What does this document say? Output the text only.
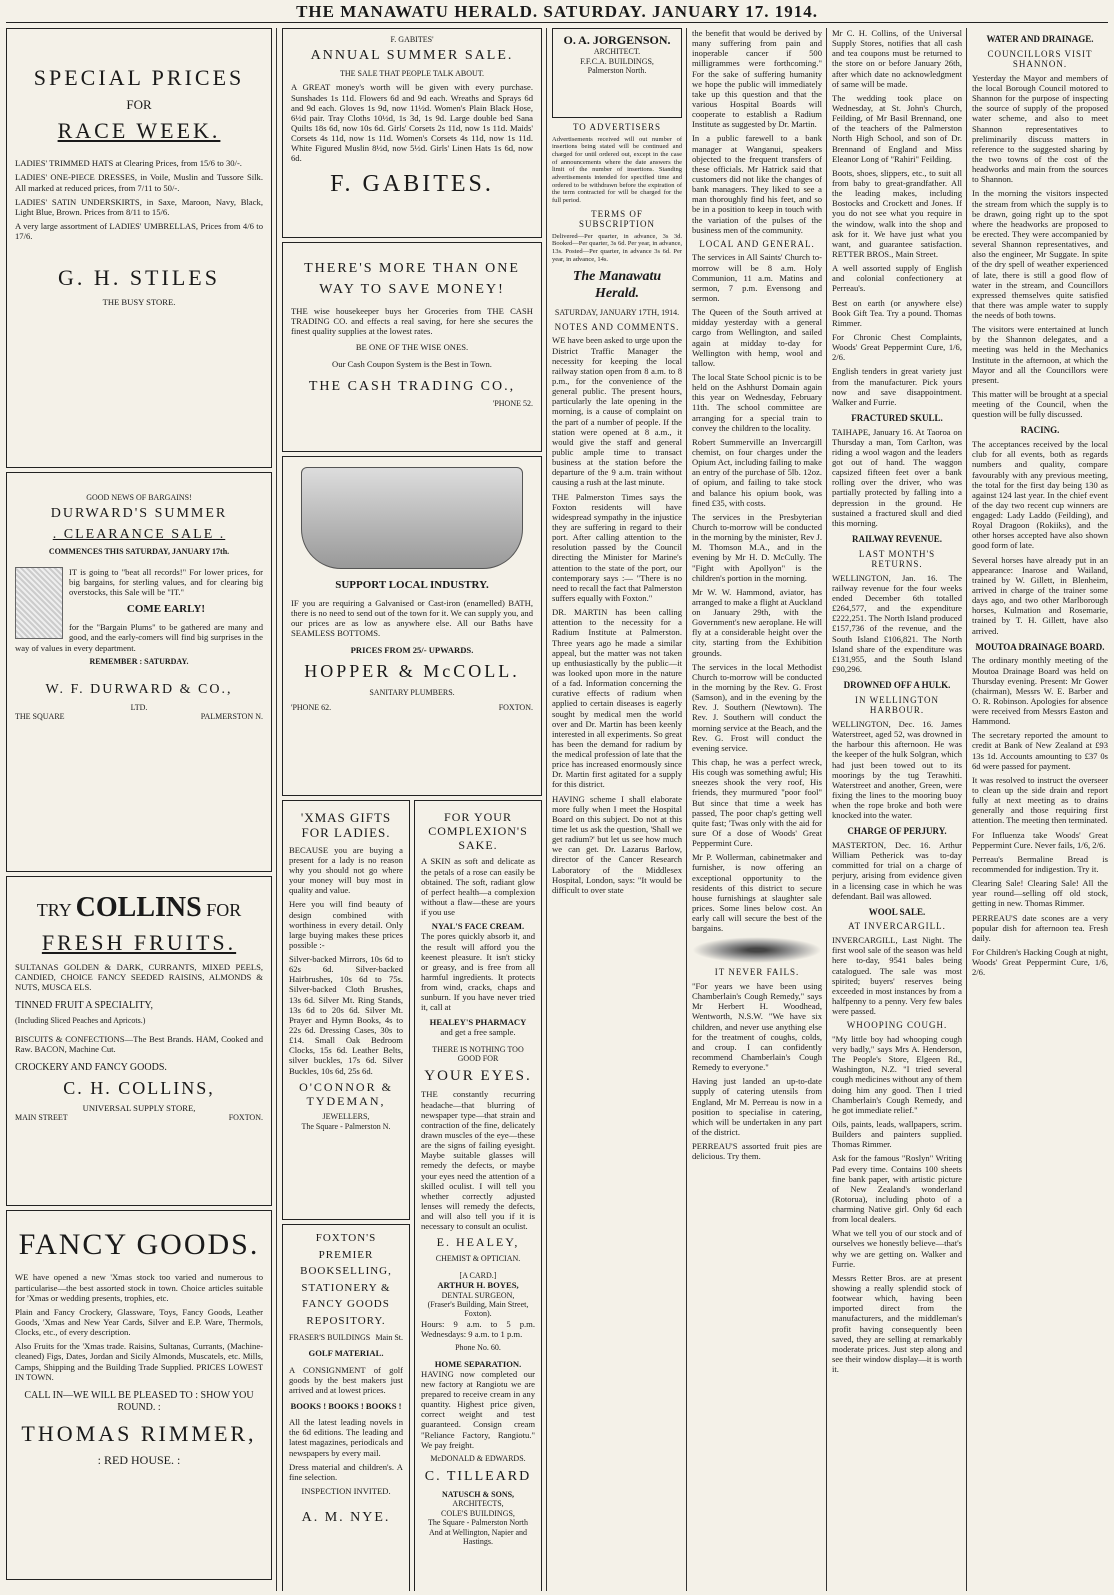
THE MANAWATU HERALD. SATURDAY. JANUARY 17. 1914.
SPECIAL PRICES
FOR
RACE WEEK.

LADIES' TRIMMED HATS at Clearing Prices, from 15/6 to 30/-.

LADIES' ONE-PIECE DRESSES, in Voile, Muslin and Tussore Silk. All marked at reduced prices, from 7/11 to 50/-.

LADIES' SATIN UNDERSKIRTS, in Saxe, Maroon, Navy, Black, Light Blue, Brown. Prices from 8/11 to 15/6.

A very large assortment of LADIES' UMBRELLAS, Prices from 4/6 to 17/6.

G. H. STILES
THE BUSY STORE.
GOOD NEWS OF BARGAINS!
DURWARD'S SUMMER
. CLEARANCE SALE .
COMMENCES THIS SATURDAY, JANUARY 17th.

IT is going to "beat all records!" For lower prices, for big bargains, for sterling values, and for clearing big overstocks, this Sale will be "IT."

COME EARLY!

for the "Bargain Plums" to be gathered are many and good, and the early-comers will find big surprises in the way of values in every department.

REMEMBER : SATURDAY.
W. F. DURWARD & CO.,
LTD.
THE SQUARE	PALMERSTON N.
TRY COLLINS FOR
FRESH FRUITS.

SULTANAS GOLDEN & DARK, CURRANTS, MIXED PEELS, CANDIED, CHOICE FANCY SEEDED RAISINS, ALMONDS & NUTS, MUSCA ELS.

TINNED FRUIT A SPECIALITY,

(Including Sliced Peaches and Apricots.)

BISCUITS & CONFECTIONS—The Best Brands. HAM, Cooked and Raw. BACON, Machine Cut.

CROCKERY AND FANCY GOODS.

C. H. COLLINS,
UNIVERSAL SUPPLY STORE,
MAIN STREET	FOXTON.
FANCY GOODS.

WE have opened a new 'Xmas stock too varied and numerous to particularise—the best assorted stock in town. Choice articles suitable for 'Xmas or wedding presents, trophies, etc.

Plain and Fancy Crockery, Glassware, Toys, Fancy Goods, Leather Goods, 'Xmas and New Year Cards, Silver and E.P. Ware, Thermols, Clocks, etc., of every description.

Also Fruits for the 'Xmas trade. Raisins, Sultanas, Currants, (Machine-cleaned) Figs, Dates, Jordan and Sicily Almonds, Muscatels, etc. Mills, Camps, Shipping and the Building Trade Supplied. PRICES LOWEST IN TOWN.

CALL IN—WE WILL BE PLEASED TO : SHOW YOU ROUND. :
THOMAS RIMMER,
: RED HOUSE. :
F. GABITES'
ANNUAL SUMMER SALE.
THE SALE THAT PEOPLE TALK ABOUT.

A GREAT money's worth will be given with every purchase. Sunshades 1s 11d. Flowers 6d and 9d each. Wreaths and Sprays 6d and 9d each. Gloves 1s 9d, now 11½d. Women's Plain Black Hose, 6½d pair. Tray Cloths 10½d, 1s 3d, 1s 9d. Large double bed Sana Quilts 18s 6d, now 10s 6d. Girls' Corsets 2s 11d, now 1s 11d. Maids' Corsets 4s 11d, now 1s 11d. Women's Corsets 4s 11d, now 1s 11d. White Figured Muslin 8½d, now 5½d. Girls' Linen Hats 1s 6d, now 6d.

F. GABITES.
THERE'S MORE THAN ONE
WAY TO SAVE MONEY!

THE wise housekeeper buys her Groceries from THE CASH TRADING CO. and effects a real saving, for here she secures the finest quality supplies at the lowest rates.

BE ONE OF THE WISE ONES.
Our Cash Coupon System is the Best in Town.
THE CASH TRADING CO.,
'PHONE 52.
SUPPORT LOCAL INDUSTRY.

IF you are requiring a Galvanised or Cast-iron (enamelled) BATH, there is no need to send out of the town for it. We can supply you, and our prices are as low as anywhere else. All our Baths have SEAMLESS BOTTOMS.

PRICES FROM 25/- UPWARDS.
HOPPER & McCOLL.
SANITARY PLUMBERS.
'PHONE 62.	FOXTON.
'XMAS GIFTS FOR LADIES.

BECAUSE you are buying a present for a lady is no reason why you should not go where your money will buy most in quality and value.

Here you will find beauty of design combined with worthiness in every detail. Only large buying makes these prices possible :-

Silver-backed Mirrors, 10s 6d to 62s 6d. Silver-backed Hairbrushes, 10s 6d to 75s. Silver-backed Cloth Brushes, 13s 6d. Silver Mt. Ring Stands, 13s 6d to 20s 6d. Silver Mt. Prayer and Hymn Books, 4s to 22s 6d. Dressing Cases, 30s to £14. Small Oak Bedroom Clocks, 15s 6d. Leather Belts, silver buckles, 17s 6d. Silver Buckles, 10s 6d, 25s 6d.

O'CONNOR & TYDEMAN,
JEWELLERS,
The Square - Palmerston N.
FOXTON'S PREMIER BOOKSELLING, STATIONERY & FANCY GOODS REPOSITORY.
FRASER'S BUILDINGS Main St.
GOLF MATERIAL.

A CONSIGNMENT of golf goods by the best makers just arrived and at lowest prices.

BOOKS ! BOOKS ! BOOKS !

All the latest leading novels in the 6d editions. The leading and latest magazines, periodicals and newspapers by every mail.

Dress material and children's. A fine selection.

INSPECTION INVITED.
A. M. NYE.
FOR YOUR COMPLEXION'S SAKE.

A SKIN as soft and delicate as the petals of a rose can easily be obtained. The soft, radiant glow of perfect health—a complexion without a flaw—these are yours if you use

NYAL'S FACE CREAM.

The pores quickly absorb it, and the result will afford you the keenest pleasure. It isn't sticky or greasy, and is free from all harmful ingredients. It protects from wind, cracks, chaps and sunburn. If you have never tried it, call at

HEALEY'S PHARMACY
and get a free sample.
THERE IS NOTHING TOO GOOD FOR
YOUR EYES.

THE constantly recurring headache—that blurring of newspaper type—that strain and contraction of the fine, delicately drawn muscles of the eye—these are the signs of failing eyesight. Maybe suitable glasses will remedy the defects, or maybe your eyes need the attention of a skilled oculist. I will tell you whether correctly adjusted lenses will remedy the defects, and will also tell you if it is necessary to consult an oculist.

E. HEALEY,
CHEMIST & OPTICIAN.
[A CARD.]
ARTHUR H. BOYES,
DENTAL SURGEON,
(Fraser's Building, Main Street, Foxton).

Hours: 9 a.m. to 5 p.m. Wednesdays: 9 a.m. to 1 p.m.

Phone No. 60.
HOME SEPARATION.

HAVING now completed our new factory at Rangiotu we are prepared to receive cream in any quantity. Highest price given, correct weight and test guaranteed. Consign cream "Reliance Factory, Rangiotu." We pay freight.

McDONALD & EDWARDS.
C. TILLEARD
NATUSCH & SONS,
ARCHITECTS,
COLE'S BUILDINGS,
The Square - Palmerston North
And at Wellington, Napier and Hastings.
O. A. JORGENSON.
ARCHITECT.
F.F.C.A. BUILDINGS,
Palmerston North.
TO ADVERTISERS

Advertisements received will out number of insertions being stated will be continued and charged for until ordered out, except in the case of announcements where the date answers the limit of the number of insertions. Standing advertisements intended for specified time and ordered to be withdrawn before the expiration of the term contracted for will be charged for the full period.

TERMS OF SUBSCRIPTION

Delivered—Per quarter, in advance, 3s 3d. Booked—Per quarter, 3s 6d. Per year, in advance, 13s. Posted—Per quarter, in advance 3s 6d. Per year, in advance, 14s.

The Manawatu Herald.
SATURDAY, JANUARY 17TH, 1914.
NOTES AND COMMENTS.

WE have been asked to urge upon the District Traffic Manager the necessity for keeping the local railway station open from 8 a.m. to 8 p.m., for the convenience of the general public. The present hours, particularly the late opening in the morning, is a cause of complaint on the part of a number of people. If the station were opened at 8 a.m., it would give the staff and general public ample time to transact business at the station before the departure of the 9 a.m. train without causing a rush at the last minute.

THE Palmerston Times says the Foxton residents will have widespread sympathy in the injustice they are suffering in regard to their port. After calling attention to the resolution passed by the Council directing the Minister for Marine's attention to the state of the port, our contemporary says :— "There is no need to recall the fact that Palmerston suffers equally with Foxton."

DR. MARTIN has been calling attention to the necessity for a Radium Institute at Palmerston. Three years ago he made a similar appeal, but the matter was not taken up enthusiastically by the public—it was looked upon more in the nature of a fad. Information concerning the curative effects of radium when applied to certain diseases is eagerly sought by medical men the world over and Dr. Martin has been keenly interested in all experiments. So great has been the demand for radium by the medical profession of late that the price has increased enormously since Dr. Martin first agitated for a supply for this district.

HAVING scheme I shall elaborate more fully when I meet the Hospital Board on this subject. Do not at this time let us ask the question, 'Shall we get radium?' but let us see how much we can get. Dr. Lazarus Barlow, director of the Cancer Research Laboratory of the Middlesex Hospital, London, says: "It would be difficult to over state

the benefit that would be derived by many suffering from pain and inoperable cancer if 500 milligrammes were forthcoming." For the sake of suffering humanity we hope the public will immediately take up this question and that the various Hospital Boards will cooperate to establish a Radium Institute as suggested by Dr. Martin.

In a public farewell to a bank manager at Wanganui, speakers objected to the frequent transfers of these officials. Mr Hatrick said that customers did not like the changes of bank managers. They liked to see a man thoroughly find his feet, and so be in a position to keep in touch with the variation of the pulses of the business men of the community.

LOCAL AND GENERAL.

The services in All Saints' Church to-morrow will be 8 a.m. Holy Communion, 11 a.m. Matins and sermon, 7 p.m. Evensong and sermon.

The Queen of the South arrived at midday yesterday with a general cargo from Wellington, and sailed again at midday to-day for Wellington with hemp, wool and tallow.

The local State School picnic is to be held on the Ashhurst Domain again this year on Wednesday, February 11th. The school committee are arranging for a special train to convey the children to the locality.

Robert Summerville an Invercargill chemist, on four charges under the Opium Act, including failing to make an entry of the purchase of 5lb. 12oz. of opium, and failing to take stock and balance his opium book, was fined £35, with costs.

The services in the Presbyterian Church to-morrow will be conducted in the morning by the minister, Rev J. M. Thomson M.A., and in the evening by Mr H. D. McCully. The "Fight with Apollyon" is the children's portion in the morning.

Mr W. W. Hammond, aviator, has arranged to make a flight at Auckland on January 29th, with the Government's new aeroplane. He will fly at a considerable height over the city, starting from the Exhibition grounds.

The services in the local Methodist Church to-morrow will be conducted in the morning by the Rev. G. Frost (Samson), and in the evening by the Rev. J. Southern (Newtown). The Rev. J. Southern will conduct the morning service at the Beach, and the Rev. G. Frost will conduct the evening service.

This chap, he was a perfect wreck, His cough was something awful; His sneezes shook the very roof, His friends, they murmured "poor fool" But since that time a week has passed, The poor chap's getting well quite fast; 'Twas only with the aid for sure Of a dose of Woods' Great Peppermint Cure.

Mr P. Wollerman, cabinetmaker and furnisher, is now offering an exceptional opportunity to the residents of this district to secure house furnishings at slaughter sale prices. Some lines below cost. An early call will secure the best of the bargains.

IT NEVER FAILS.

"For years we have been using Chamberlain's Cough Remedy," says Mr Herbert H. Woodhead, Wentworth, N.S.W. "We have six children, and never use anything else for the treatment of coughs, colds, and croup. I can confidently recommend Chamberlain's Cough Remedy to everyone."

Having just landed an up-to-date supply of catering utensils from England, Mr M. Perreau is now in a position to specialise in catering, which will be undertaken in any part of the district.

PERREAU'S assorted fruit pies are delicious. Try them.

Mr C. H. Collins, of the Universal Supply Stores, notifies that all cash and tea coupons must be returned to the store on or before January 26th, after which date no acknowledgment of same will be made.

The wedding took place on Wednesday, at St. John's Church, Feilding, of Mr Basil Brennand, one of the teachers of the Palmerston North High School, and son of Dr. Brennand of England and Miss Eleanor Long of "Rahiri" Feilding.

Boots, shoes, slippers, etc., to suit all from baby to great-grandfather. All the leading makes, including Bostocks and Crockett and Jones. If you do not see what you require in the window, walk into the shop and ask for it. We have just what you want, and guarantee satisfaction. RETTER BROS., Main Street.

A well assorted supply of English and colonial confectionery at Perreau's.

Best on earth (or anywhere else) Book Gift Tea. Try a pound. Thomas Rimmer.

For Chronic Chest Complaints, Woods' Great Peppermint Cure, 1/6, 2/6.

English tenders in great variety just from the manufacturer. Pick yours now and save disappointment. Walker and Furrie.

FRACTURED SKULL.

TAIHAPE, January 16. At Taoroa on Thursday a man, Tom Carlton, was riding a wool wagon and the leaders got out of hand. The waggon capsized fifteen feet over a bank rolling over the driver, who was partially protected by falling into a depression in the ground. He sustained a fractured skull and died this morning.

RAILWAY REVENUE.
LAST MONTH'S RETURNS.

WELLINGTON, Jan. 16. The railway revenue for the four weeks ended December 6th totalled £264,577, and the expenditure £222,251. The North Island produced £157,736 of the revenue, and the South Island £106,821. The North Island share of the expenditure was £131,955, and the South Island £90,296.

DROWNED OFF A HULK.
IN WELLINGTON HARBOUR.

WELLINGTON, Dec. 16. James Waterstreet, aged 52, was drowned in the harbour this afternoon. He was the keeper of the hulk Solgran, which had just been towed out to its moorings by the tug Terawhiti. Waterstreet and another, Green, were fixing the lines to the mooring buoy when the rope broke and both were knocked into the water.

CHARGE OF PERJURY.

MASTERTON, Dec. 16. Arthur William Petherick was to-day committed for trial on a charge of perjury, arising from evidence given in a licensing case in which he was defendant. Bail was allowed.

WOOL SALE.
AT INVERCARGILL.

INVERCARGILL, Last Night. The first wool sale of the season was held here to-day, 9541 bales being catalogued. The sale was most spirited; buyers' reserves being exceeded in most instances by from a halfpenny to a penny. Very few bales were passed.

WHOOPING COUGH.

"My little boy had whooping cough very badly," says Mrs A. Henderson, The People's Store, Elgeen Rd., Washington, N.Z. "I tried several cough medicines without any of them doing him any good. Then I tried Chamberlain's Cough Remedy, and he got immediate relief."

Oils, paints, leads, wallpapers, scrim. Builders and painters supplied. Thomas Rimmer.

Ask for the famous "Roslyn" Writing Pad every time. Contains 100 sheets fine bank paper, with artistic picture of New Zealand's wonderland (Rotorua), including photo of a charming Native girl. Only 6d each from local dealers.

What we tell you of our stock and of ourselves we honestly believe—that's why we are getting on. Walker and Furrie.

Messrs Retter Bros. are at present showing a really splendid stock of footwear which, having been imported direct from the manufacturers, and the middleman's profit having consequently been saved, they are selling at remarkably moderate prices. Just step along and see their window display—it is worth it.

WATER AND DRAINAGE.
COUNCILLORS VISIT SHANNON.

Yesterday the Mayor and members of the local Borough Council motored to Shannon for the purpose of inspecting the source of supply of the proposed water scheme, and also to meet Shannon representatives to preliminarily discuss matters in reference to the suggested sharing by the two towns of the cost of the headworks and main from the sources to Shannon.

In the morning the visitors inspected the stream from which the supply is to be drawn, going right up to the spot where the headworks are proposed to be erected. They were accompanied by several Shannon representatives, and also the engineer, Mr Suggate. In spite of the dry spell of weather experienced of late, there is still a good flow of water in the stream, and Councillors expressed themselves quite satisfied that there was ample water to supply the needs of both towns.

The visitors were entertained at lunch by the Shannon delegates, and a meeting was held in the Mechanics Institute in the afternoon, at which the Mayor and all the Councillors were present.

This matter will be brought at a special meeting of the Council, when the question will be fully discussed.

RACING.

The acceptances received by the local club for all events, both as regards numbers and quality, compare favourably with any previous meeting, the total for the first day being 130 as against 124 last year. In the chief event of the day two recent cup winners are engaged: Lady Laddo (Feilding), and Royal Dragoon (Rokiiks), and the other horses accepted have also shown good form of late.

Several horses have already put in an appearance: Inarose and Wailand, trained by W. Gillett, in Blenheim, arrived in charge of the trainer some days ago, and two other Marlborough horses, Kulmation and Rosemarie, trained by T. H. Gillett, have also arrived.

MOUTOA DRAINAGE BOARD.

The ordinary monthly meeting of the Moutoa Drainage Board was held on Thursday evening. Present: Mr Gower (chairman), Messrs W. E. Barber and O. R. Robinson. Apologies for absence were received from Messrs Easton and Hammond.

The secretary reported the amount to credit at Bank of New Zealand at £93 13s 1d. Accounts amounting to £37 0s 6d were passed for payment.

It was resolved to instruct the overseer to clean up the side drain and report fully at next meeting as to drains generally and those requiring first attention. The meeting then terminated.

For Influenza take Woods' Great Peppermint Cure. Never fails, 1/6, 2/6.

Perreau's Bermaline Bread is recommended for indigestion. Try it.

Clearing Sale! Clearing Sale! All the year round—selling off old stock, getting in new. Thomas Rimmer.

PERREAU'S date scones are a very popular dish for afternoon tea. Fresh daily.

For Children's Hacking Cough at night, Woods' Great Peppermint Cure, 1/6, 2/6.
